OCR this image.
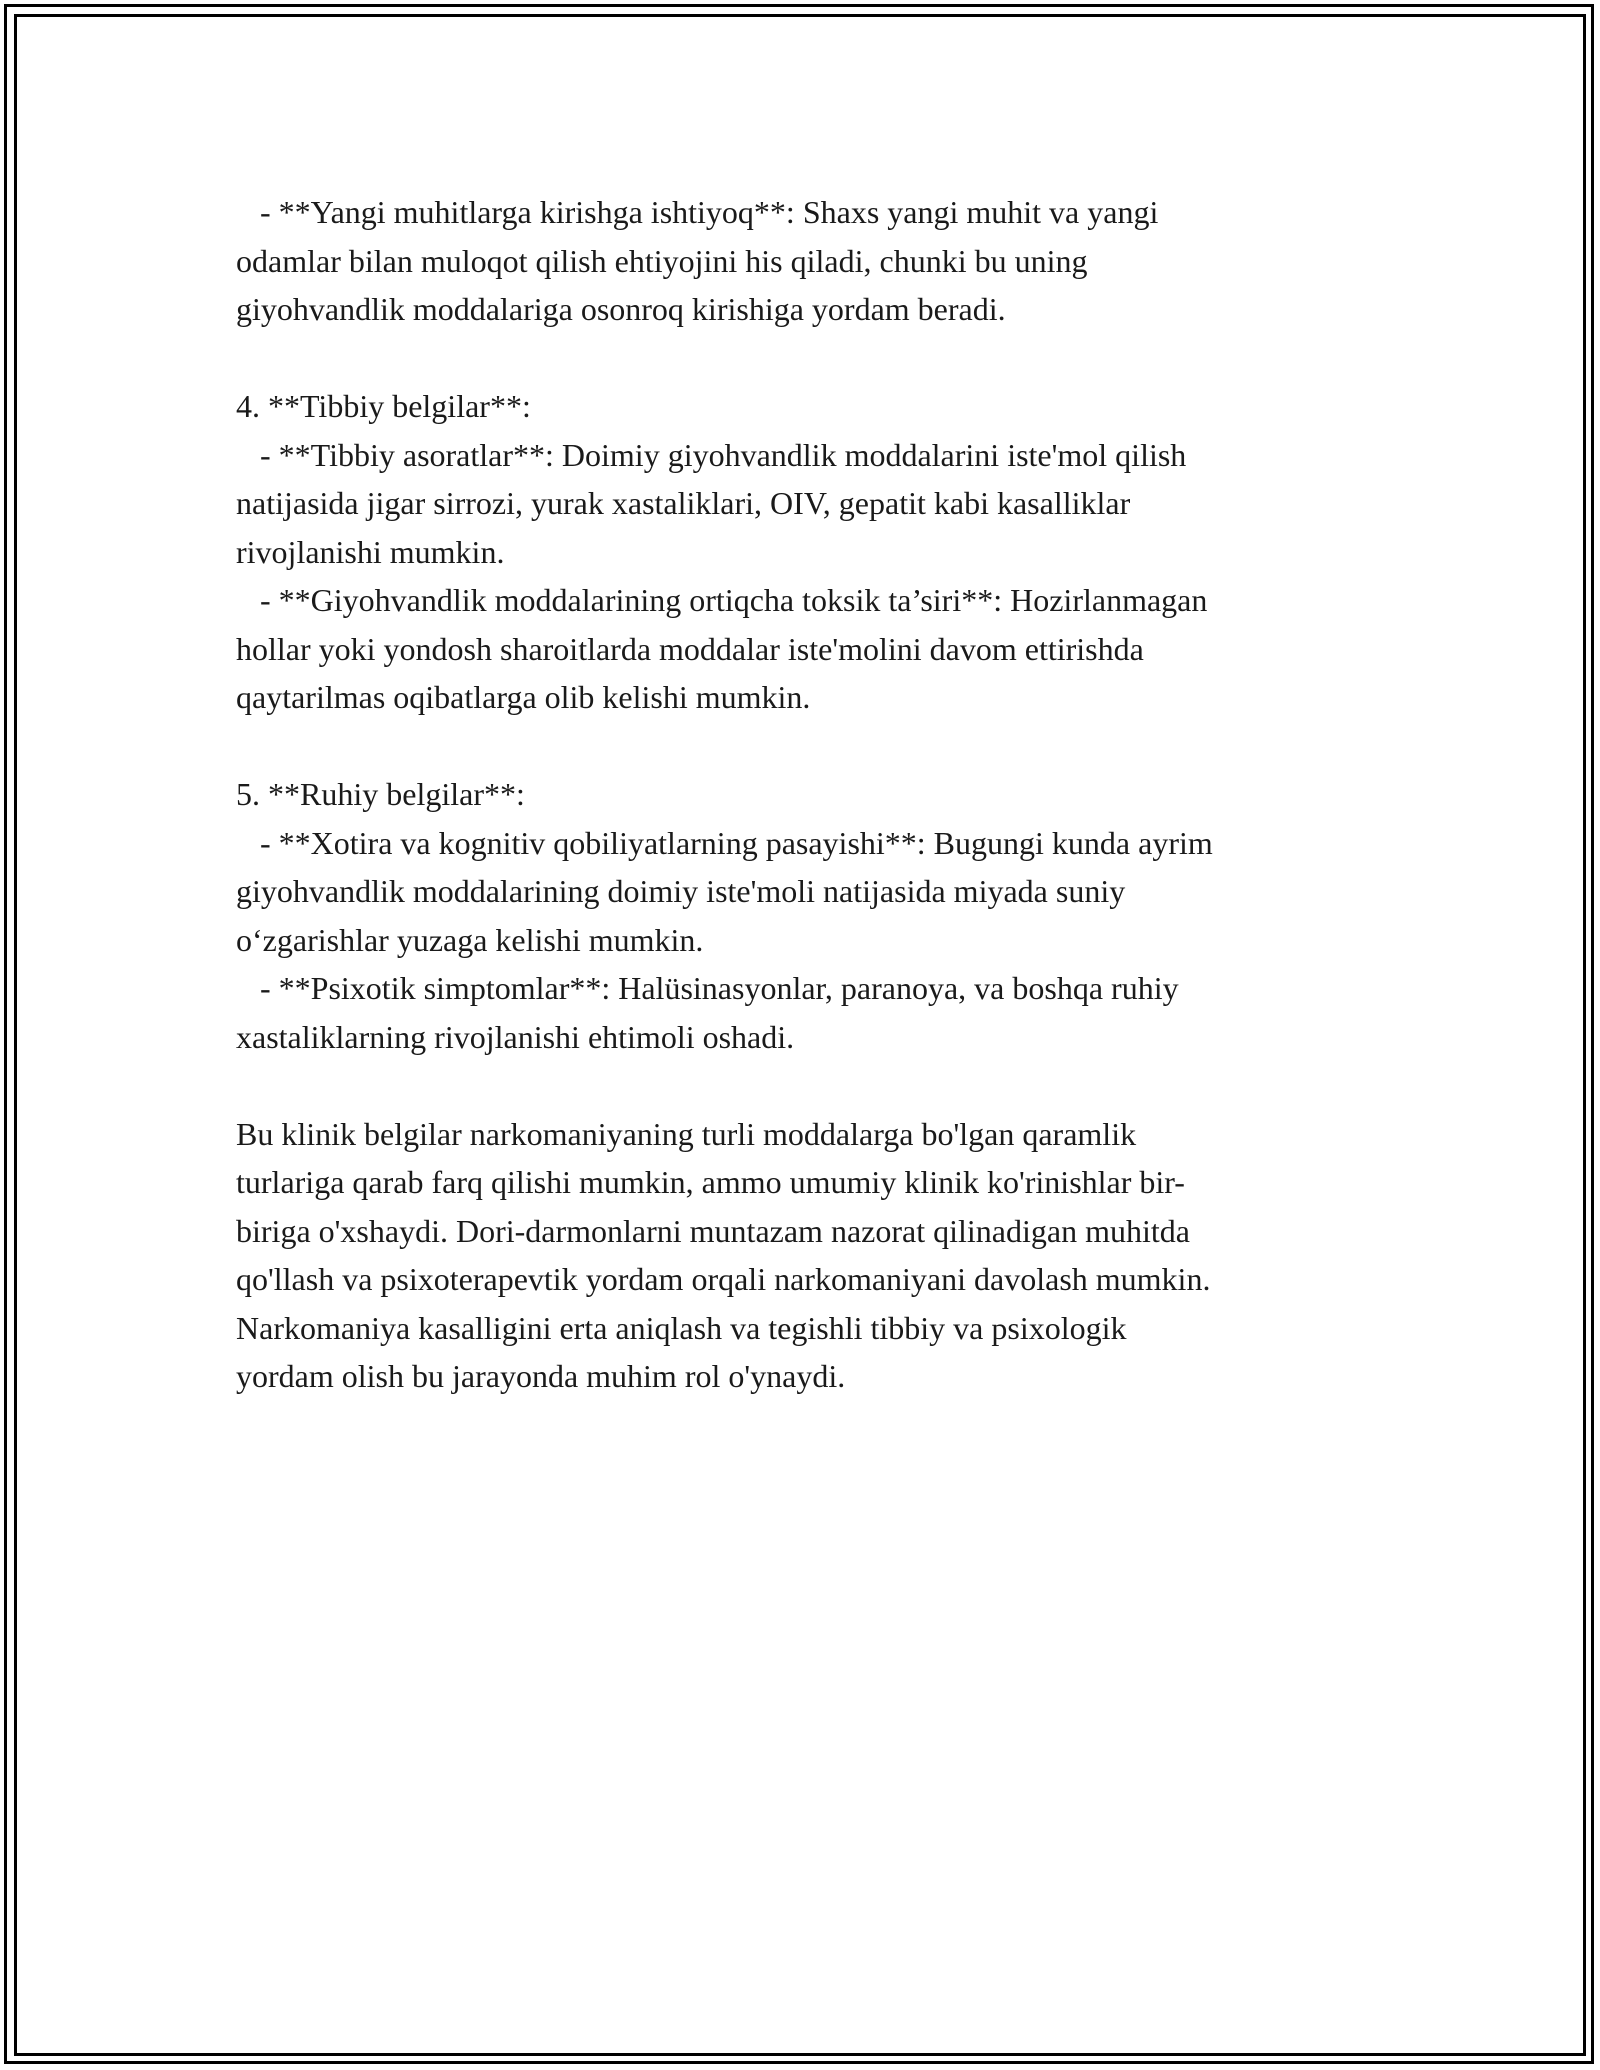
- **Yangi muhitlarga kirishga ishtiyoq**: Shaxs yangi muhit va yangi
odamlar bilan muloqot qilish ehtiyojini his qiladi, chunki bu uning
giyohvandlik moddalariga osonroq kirishiga yordam beradi.
4. **Tibbiy belgilar**:
- **Tibbiy asoratlar**: Doimiy giyohvandlik moddalarini iste'mol qilish
natijasida jigar sirrozi, yurak xastaliklari, OIV, gepatit kabi kasalliklar
rivojlanishi mumkin.
- **Giyohvandlik moddalarining ortiqcha toksik ta’siri**: Hozirlanmagan
hollar yoki yondosh sharoitlarda moddalar iste'molini davom ettirishda
qaytarilmas oqibatlarga olib kelishi mumkin.
5. **Ruhiy belgilar**:
- **Xotira va kognitiv qobiliyatlarning pasayishi**: Bugungi kunda ayrim
giyohvandlik moddalarining doimiy iste'moli natijasida miyada suniy
o‘zgarishlar yuzaga kelishi mumkin.
- **Psixotik simptomlar**: Halüsinasyonlar, paranoya, va boshqa ruhiy
xastaliklarning rivojlanishi ehtimoli oshadi.
Bu klinik belgilar narkomaniyaning turli moddalarga bo'lgan qaramlik
turlariga qarab farq qilishi mumkin, ammo umumiy klinik ko'rinishlar bir-
biriga o'xshaydi. Dori-darmonlarni muntazam nazorat qilinadigan muhitda
qo'llash va psixoterapevtik yordam orqali narkomaniyani davolash mumkin.
Narkomaniya kasalligini erta aniqlash va tegishli tibbiy va psixologik
yordam olish bu jarayonda muhim rol o'ynaydi.
